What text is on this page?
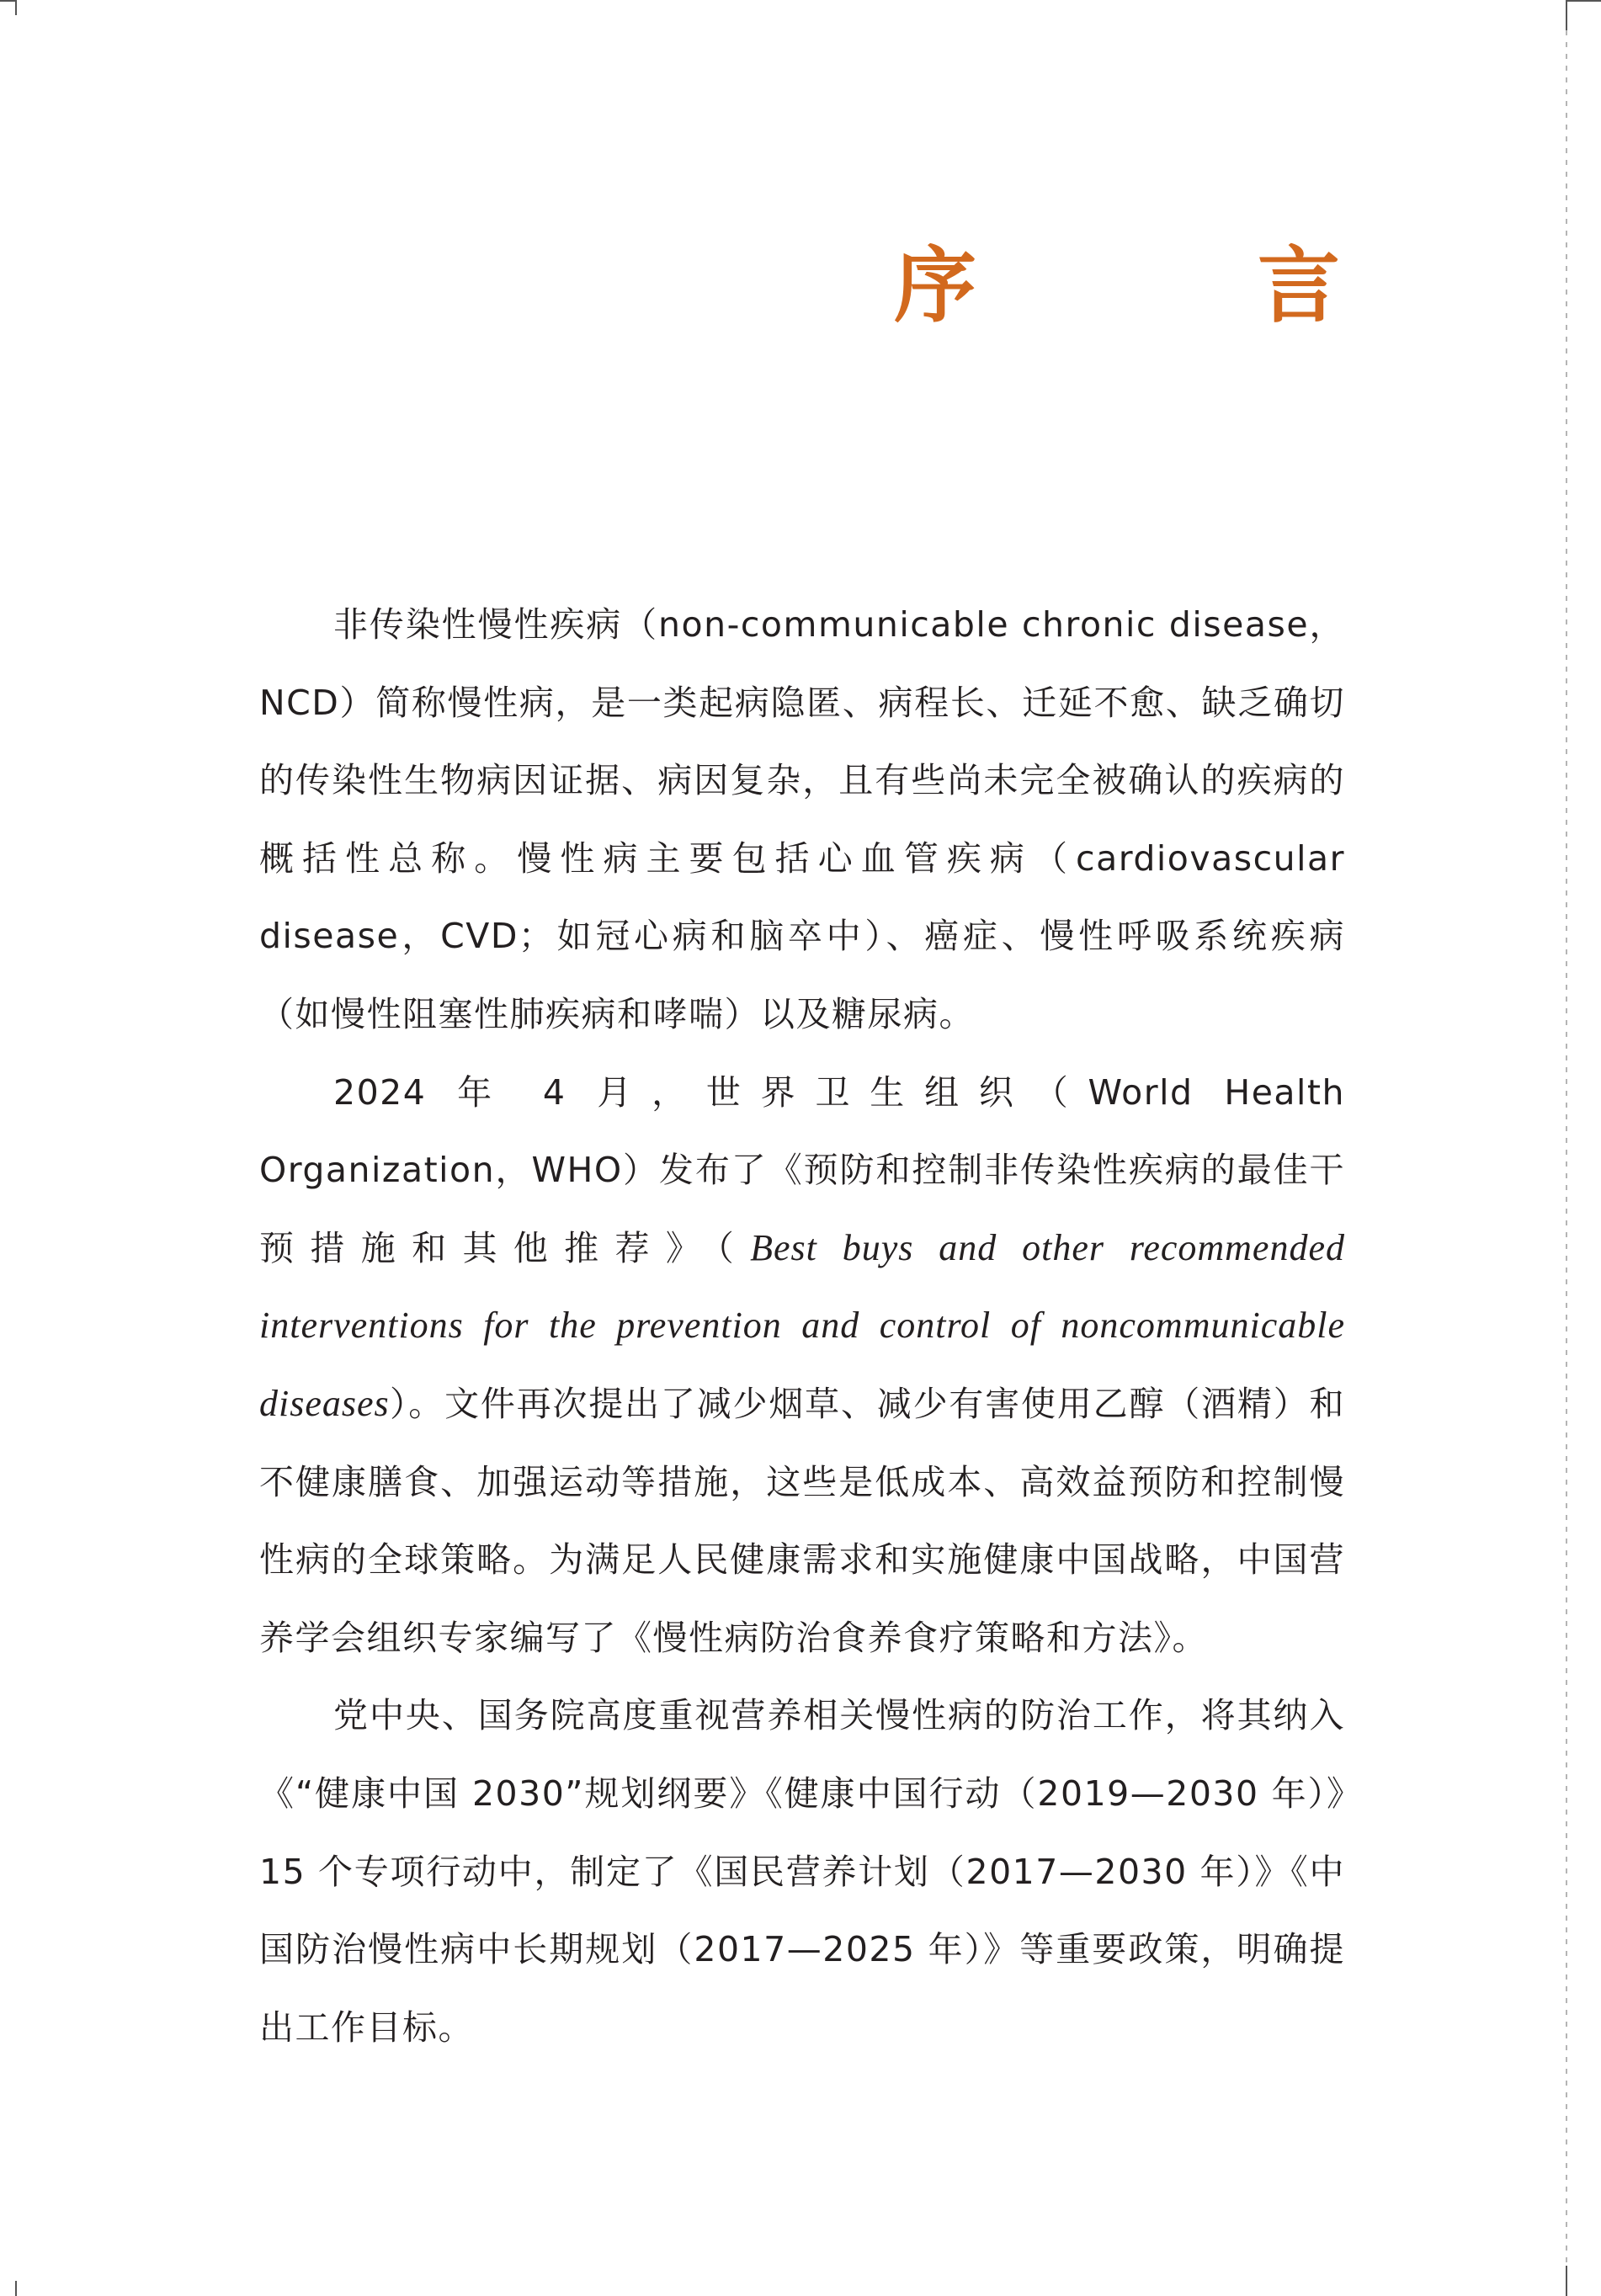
序　言

非传染性慢性疾病（non-communicable chronic disease，NCD）简称慢性病，是一类起病隐匿、病程长、迁延不愈、缺乏确切的传染性生物病因证据、病因复杂，且有些尚未完全被确认的疾病的概括性总称。慢性病主要包括心血管疾病（cardiovascular disease，CVD；如冠心病和脑卒中）、癌症、慢性呼吸系统疾病（如慢性阻塞性肺疾病和哮喘）以及糖尿病。

2024 年 4 月，世界卫生组织（World Health Organization，WHO）发布了《预防和控制非传染性疾病的最佳干预措施和其他推荐》（Best buys and other recommended interventions for the prevention and control of noncommunicable diseases）。文件再次提出了减少烟草、减少有害使用乙醇（酒精）和不健康膳食、加强运动等措施，这些是低成本、高效益预防和控制慢性病的全球策略。为满足人民健康需求和实施健康中国战略，中国营养学会组织专家编写了《慢性病防治食养食疗策略和方法》。

党中央、国务院高度重视营养相关慢性病的防治工作，将其纳入《“健康中国 2030”规划纲要》《健康中国行动（2019—2030 年）》15 个专项行动中，制定了《国民营养计划（2017—2030 年）》《中国防治慢性病中长期规划（2017—2025 年）》等重要政策，明确提出工作目标。
